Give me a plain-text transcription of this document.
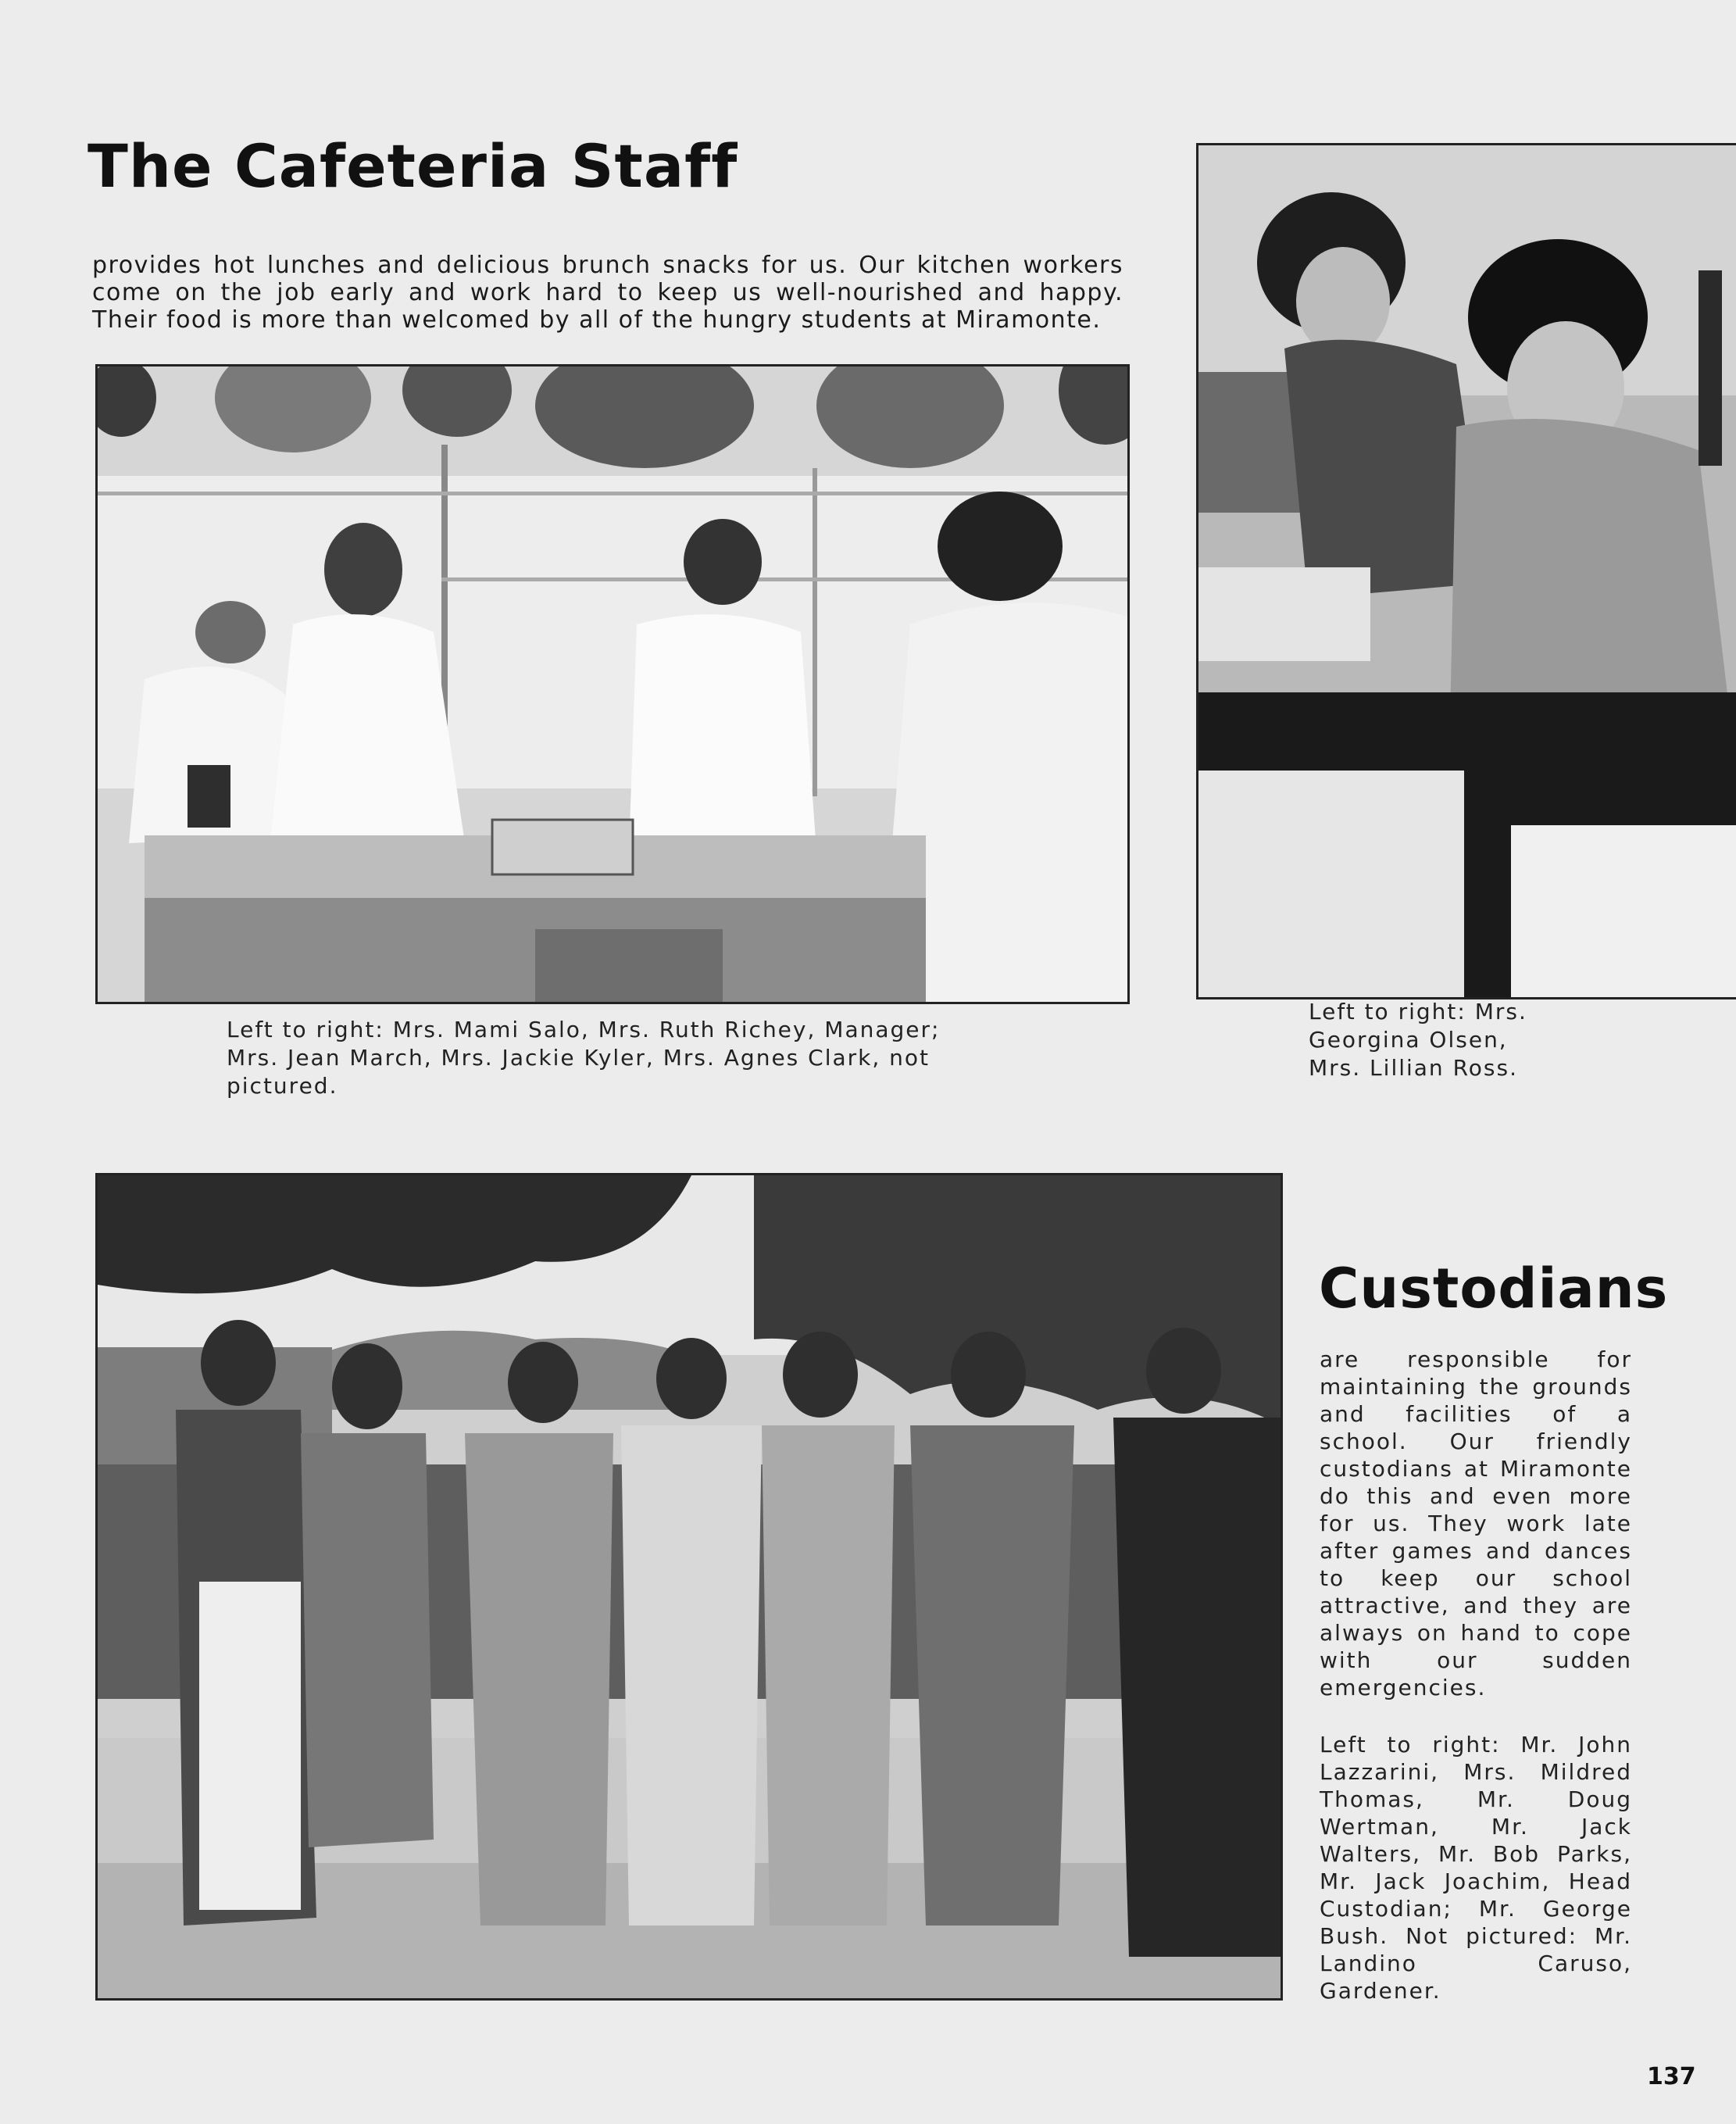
The Cafeteria Staff

provides hot lunches and delicious brunch snacks for us. Our kitchen workers come on the job early and work hard to keep us well-nourished and happy. Their food is more than welcomed by all of the hungry students at Miramonte.

Left to right: Mrs. Mami Salo, Mrs. Ruth Richey, Manager; Mrs. Jean March, Mrs. Jackie Kyler, Mrs. Agnes Clark, not pictured.

Left to right: Mrs. Georgina Olsen, Mrs. Lillian Ross.

Custodians

are responsible for maintaining the grounds and facilities of a school. Our friendly custodians at Miramonte do this and even more for us. They work late after games and dances to keep our school attractive, and they are always on hand to cope with our sudden emergencies.

Left to right: Mr. John Lazzarini, Mrs. Mildred Thomas, Mr. Doug Wertman, Mr. Jack Walters, Mr. Bob Parks, Mr. Jack Joachim, Head Custodian; Mr. George Bush. Not pictured: Mr. Landino Caruso, Gardener.

137
